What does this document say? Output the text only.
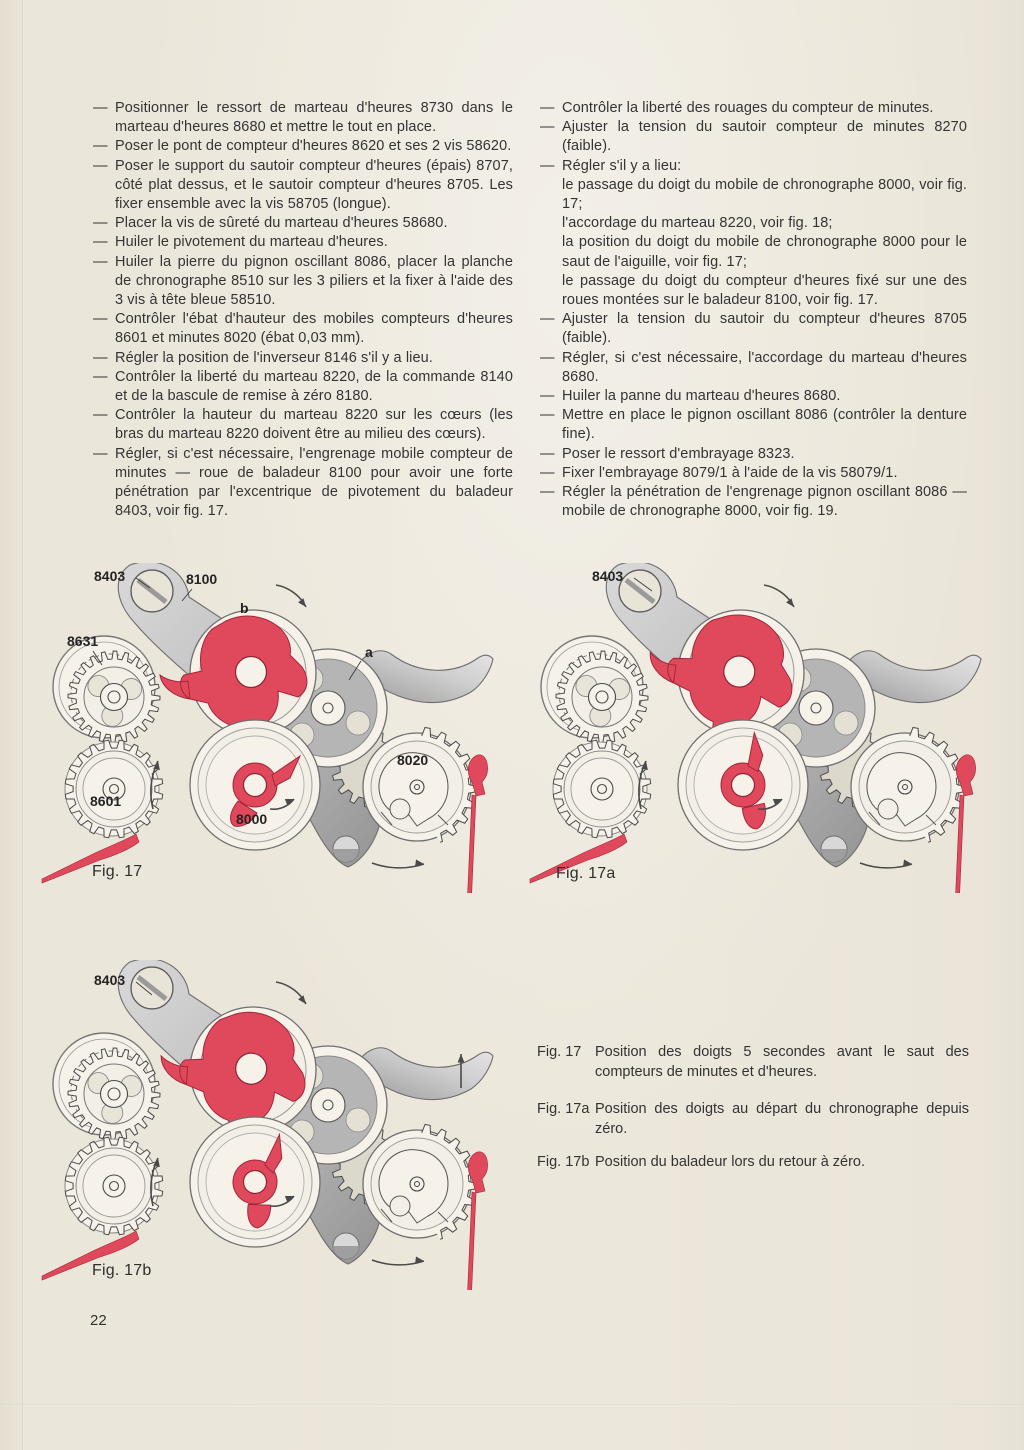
— Positionner le ressort de marteau d'heures 8730 dans le marteau d'heures 8680 et mettre le tout en place.
— Poser le pont de compteur d'heures 8620 et ses 2 vis 58620.
— Poser le support du sautoir compteur d'heures (épais) 8707, côté plat dessus, et le sautoir compteur d'heures 8705. Les fixer ensemble avec la vis 58705 (longue).
— Placer la vis de sûreté du marteau d'heures 58680.
— Huiler le pivotement du marteau d'heures.
— Huiler la pierre du pignon oscillant 8086, placer la planche de chronographe 8510 sur les 3 piliers et la fixer à l'aide des 3 vis à tête bleue 58510.
— Contrôler l'ébat d'hauteur des mobiles compteurs d'heures 8601 et minutes 8020 (ébat 0,03 mm).
— Régler la position de l'inverseur 8146 s'il y a lieu.
— Contrôler la liberté du marteau 8220, de la commande 8140 et de la bascule de remise à zéro 8180.
— Contrôler la hauteur du marteau 8220 sur les cœurs (les bras du marteau 8220 doivent être au milieu des cœurs).
— Régler, si c'est nécessaire, l'engrenage mobile compteur de minutes — roue de baladeur 8100 pour avoir une forte pénétration par l'excentrique de pivotement du baladeur 8403, voir fig. 17.
— Contrôler la liberté des rouages du compteur de minutes.
— Ajuster la tension du sautoir compteur de minutes 8270 (faible).
— Régler s'il y a lieu:
le passage du doigt du mobile de chronographe 8000, voir fig. 17;
l'accordage du marteau 8220, voir fig. 18;
la position du doigt du mobile de chronographe 8000 pour le saut de l'aiguille, voir fig. 17;
le passage du doigt du compteur d'heures fixé sur une des roues montées sur le baladeur 8100, voir fig. 17.
— Ajuster la tension du sautoir du compteur d'heures 8705 (faible).
— Régler, si c'est nécessaire, l'accordage du marteau d'heures 8680.
— Huiler la panne du marteau d'heures 8680.
— Mettre en place le pignon oscillant 8086 (contrôler la denture fine).
— Poser le ressort d'embrayage 8323.
— Fixer l'embrayage 8079/1 à l'aide de la vis 58079/1.
— Régler la pénétration de l'engrenage pignon oscillant 8086 — mobile de chronographe 8000, voir fig. 19.
8403	8100
b
8631
a
8020
8601
8000
Fig. 17
8403
Fig. 17a
8403
Fig. 17b
Fig. 17 Position des doigts 5 secondes avant le saut des compteurs de minutes et d'heures.
Fig. 17a Position des doigts au départ du chronographe depuis zéro.
Fig. 17b Position du baladeur lors du retour à zéro.
22
